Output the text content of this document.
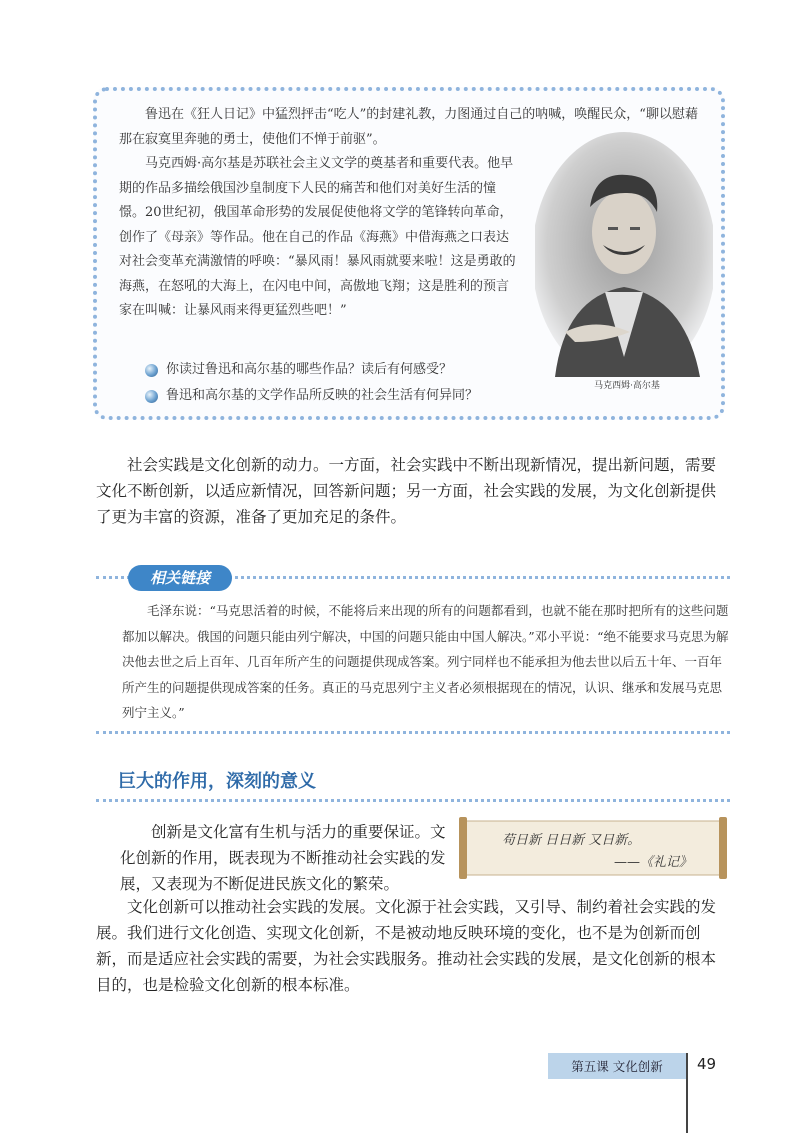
鲁迅在《狂人日记》中猛烈抨击“吃人”的封建礼教，力图通过自己的呐喊，唤醒民众，“聊以慰藉那在寂寞里奔驰的勇士，使他们不惮于前驱”。

马克西姆·高尔基是苏联社会主义文学的奠基者和重要代表。他早期的作品多描绘俄国沙皇制度下人民的痛苦和他们对美好生活的憧憬。20世纪初，俄国革命形势的发展促使他将文学的笔锋转向革命，创作了《母亲》等作品。他在自己的作品《海燕》中借海燕之口表达对社会变革充满激情的呼唤：“暴风雨！暴风雨就要来啦！这是勇敢的海燕，在怒吼的大海上，在闪电中间，高傲地飞翔；这是胜利的预言家在叫喊：让暴风雨来得更猛烈些吧！”

马克西姆·高尔基
你读过鲁迅和高尔基的哪些作品？读后有何感受？
鲁迅和高尔基的文学作品所反映的社会生活有何异同？

社会实践是文化创新的动力。一方面，社会实践中不断出现新情况，提出新问题，需要文化不断创新，以适应新情况，回答新问题；另一方面，社会实践的发展，为文化创新提供了更为丰富的资源，准备了更加充足的条件。

相关链接

毛泽东说：“马克思活着的时候，不能将后来出现的所有的问题都看到，也就不能在那时把所有的这些问题都加以解决。俄国的问题只能由列宁解决，中国的问题只能由中国人解决。”邓小平说：“绝不能要求马克思为解决他去世之后上百年、几百年所产生的问题提供现成答案。列宁同样也不能承担为他去世以后五十年、一百年所产生的问题提供现成答案的任务。真正的马克思列宁主义者必须根据现在的情况，认识、继承和发展马克思列宁主义。”

巨大的作用，深刻的意义

创新是文化富有生机与活力的重要保证。文化创新的作用，既表现为不断推动社会实践的发展，又表现为不断促进民族文化的繁荣。

苟日新 日日新 又日新。
——《礼记》

文化创新可以推动社会实践的发展。文化源于社会实践，又引导、制约着社会实践的发展。我们进行文化创造、实现文化创新，不是被动地反映环境的变化，也不是为创新而创新，而是适应社会实践的需要，为社会实践服务。推动社会实践的发展，是文化创新的根本目的，也是检验文化创新的根本标准。

第五课 文化创新	49
